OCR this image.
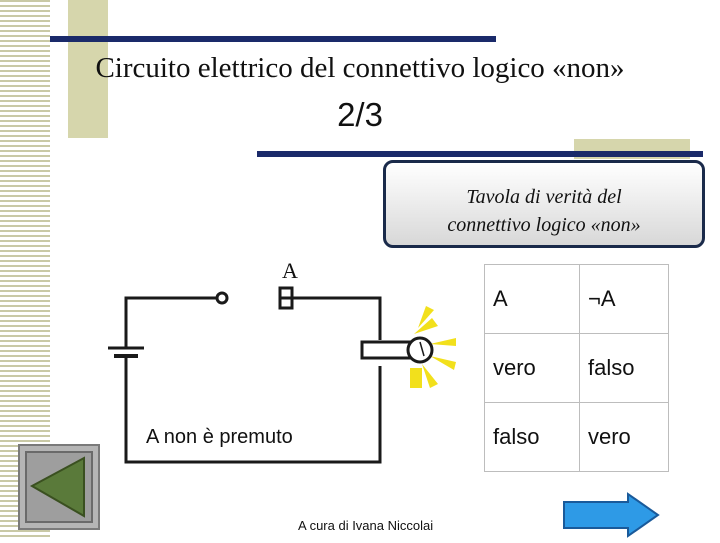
Circuito elettrico del connettivo logico «non»
2/3
Tavola di verità del
connettivo logico «non»
A
A non è premuto
A	¬A
vero	falso
falso	vero
A cura di Ivana Niccolai
